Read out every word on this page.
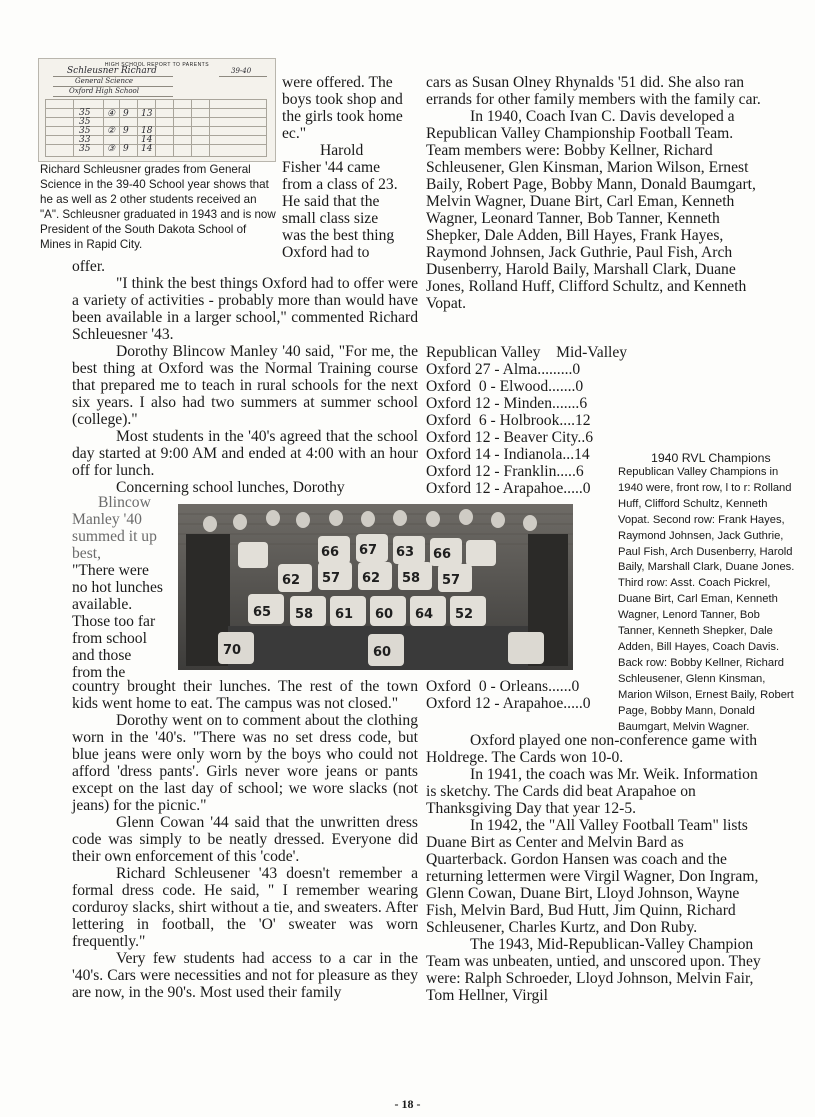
HIGH SCHOOL REPORT TO PARENTS
Schleusner Richard	39-40
General Science
Oxford High School
35
35
35
33
35
④
②
③
9
9
9
13
18
14
14
Richard Schleusner grades from General Science in the 39-40 School year shows that he as well as 2 other students received an "A". Schleusner graduated in 1943 and is now President of the South Dakota School of Mines in Rapid City.
were offered. The
boys took shop and
the girls took home
ec."
Harold
Fisher '44 came
from a class of 23.
He said that the
small class size
was the best thing
Oxford had to

offer.

"I think the best things Oxford had to offer were a variety of activities - probably more than would have been available in a larger school," commented Richard Schleuesner '43.

Dorothy Blincow Manley '40 said, "For me, the best thing at Oxford was the Normal Training course that prepared me to teach in rural schools for the next six years. I also had two summers at summer school (college)."

Most students in the '40's agreed that the school day started at 9:00 AM and ended at 4:00 with an hour off for lunch.

Concerning school lunches, Dorothy

Blincow
Manley '40
summed it up
best,
"There were
no hot lunches
available.
Those too far
from school
and those
from the
66 67 63 66
62 57 62 58 57
65 58 61 60 64 52
70	60

country brought their lunches. The rest of the town kids went home to eat. The campus was not closed."

Dorothy went on to comment about the clothing worn in the '40's. "There was no set dress code, but blue jeans were only worn by the boys who could not afford 'dress pants'. Girls never wore jeans or pants except on the last day of school; we wore slacks (not jeans) for the picnic."

Glenn Cowan '44 said that the unwritten dress code was simply to be neatly dressed. Everyone did their own enforcement of this 'code'.

Richard Schleusener '43 doesn't remember a formal dress code. He said, " I remember wearing corduroy slacks, shirt without a tie, and sweaters. After lettering in football, the 'O' sweater was worn frequently."

Very few students had access to a car in the '40's. Cars were necessities and not for pleasure as they are now, in the 90's. Most used their family

cars as Susan Olney Rhynalds '51 did. She also ran errands for other family members with the family car.

In 1940, Coach Ivan C. Davis developed a Republican Valley Championship Football Team. Team members were: Bobby Kellner, Richard Schleusener, Glen Kinsman, Marion Wilson, Ernest Baily, Robert Page, Bobby Mann, Donald Baumgart, Melvin Wagner, Duane Birt, Carl Eman, Kenneth Wagner, Leonard Tanner, Bob Tanner, Kenneth Shepker, Dale Adden, Bill Hayes, Frank Hayes, Raymond Johnsen, Jack Guthrie, Paul Fish, Arch Dusenberry, Harold Baily, Marshall Clark, Duane Jones, Rolland Huff, Clifford Schultz, and Kenneth Vopat.

Republican Valley Mid-Valley
Oxford 27 - Alma.........0
Oxford  0 - Elwood.......0
Oxford 12 - Minden.......6
Oxford  6 - Holbrook....12
Oxford 12 - Beaver City..6
Oxford 14 - Indianola...14
Oxford 12 - Franklin.....6
Oxford 12 - Arapahoe.....0
Oxford  0 - Orleans......0
Oxford 12 - Arapahoe.....0
1940 RVL Champions
Republican Valley Champions in
1940 were, front row, l to r: Rolland
Huff, Clifford Schultz, Kenneth
Vopat. Second row: Frank Hayes,
Raymond Johnsen, Jack Guthrie,
Paul Fish, Arch Dusenberry, Harold
Baily, Marshall Clark, Duane Jones.
Third row: Asst. Coach Pickrel,
Duane Birt, Carl Eman, Kenneth
Wagner, Lenord Tanner, Bob
Tanner, Kenneth Shepker, Dale
Adden, Bill Hayes, Coach Davis.
Back row: Bobby Kellner, Richard
Schleusener, Glenn Kinsman,
Marion Wilson, Ernest Baily, Robert
Page, Bobby Mann, Donald
Baumgart, Melvin Wagner.

Oxford played one non-conference game with Holdrege. The Cards won 10-0.

In 1941, the coach was Mr. Weik. Information is sketchy. The Cards did beat Arapahoe on Thanksgiving Day that year 12-5.

In 1942, the "All Valley Football Team" lists Duane Birt as Center and Melvin Bard as Quarterback. Gordon Hansen was coach and the returning lettermen were Virgil Wagner, Don Ingram, Glenn Cowan, Duane Birt, Lloyd Johnson, Wayne Fish, Melvin Bard, Bud Hutt, Jim Quinn, Richard Schleusener, Charles Kurtz, and Don Ruby.

The 1943, Mid-Republican-Valley Champion Team was unbeaten, untied, and unscored upon. They were: Ralph Schroeder, Lloyd Johnson, Melvin Fair, Tom Hellner, Virgil

- 18 -
